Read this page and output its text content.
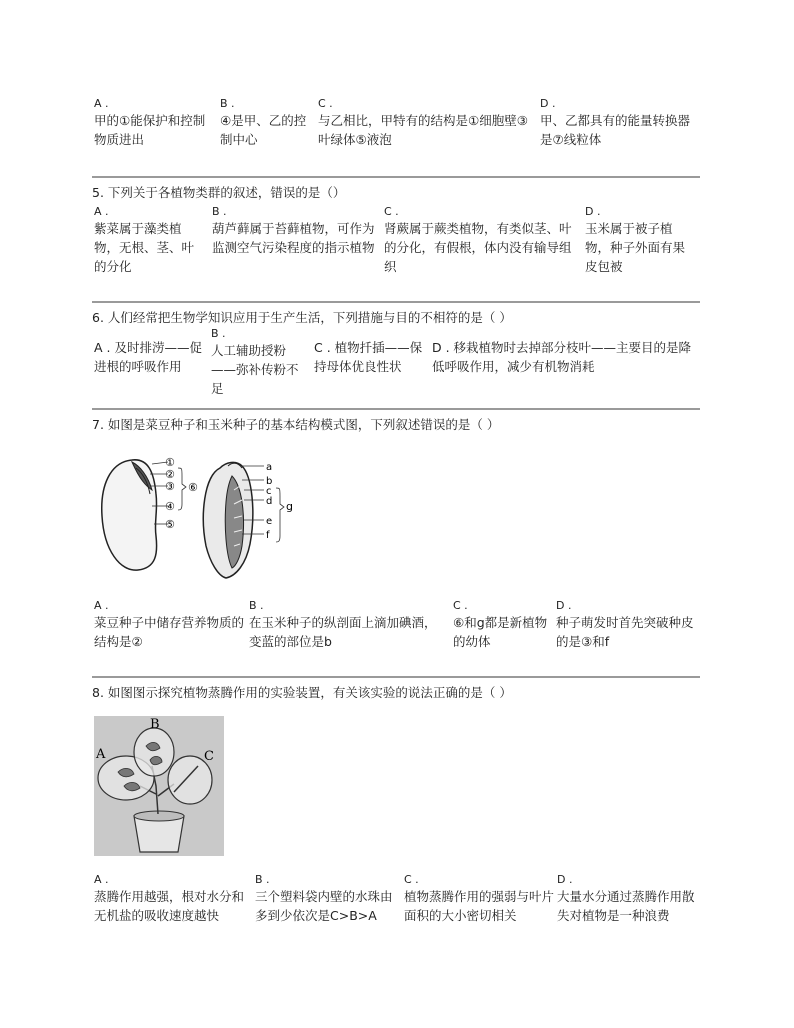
A .
甲的①能保护和控制物质进出
B .
④是甲、乙的控制中心
C .
与乙相比，甲特有的结构是①细胞壁③叶绿体⑤液泡
D .
甲、乙都具有的能量转换器是⑦线粒体
5. 下列关于各植物类群的叙述，错误的是（）
A .
紫菜属于藻类植物，无根、茎、叶的分化
B .
葫芦藓属于苔藓植物，可作为监测空气污染程度的指示植物
C .
肾蕨属于蕨类植物，有类似茎、叶的分化，有假根，体内没有输导组织
D .
玉米属于被子植物，种子外面有果皮包被
6. 人们经常把生物学知识应用于生产生活，下列措施与目的不相符的是（ ）
A . 及时排涝——促进根的呼吸作用
B .
人工辅助授粉——弥补传粉不足
C . 植物扦插——保持母体优良性状
D . 移栽植物时去掉部分枝叶——主要目的是降低呼吸作用，减少有机物消耗
7. 如图是菜豆种子和玉米种子的基本结构模式图，下列叙述错误的是（ ）
①
②
③
④
⑤
⑥
a
b
c
d
e
f
g
A .
菜豆种子中储存营养物质的结构是②
B .
在玉米种子的纵剖面上滴加碘酒，变蓝的部位是b
C .
⑥和g都是新植物的幼体
D .
种子萌发时首先突破种皮的是③和f
8. 如图图示探究植物蒸腾作用的实验装置，有关该实验的说法正确的是（ ）
A
B
C
A .
蒸腾作用越强，根对水分和无机盐的吸收速度越快
B .
三个塑料袋内壁的水珠由多到少依次是C>B>A
C .
植物蒸腾作用的强弱与叶片面积的大小密切相关
D .
大量水分通过蒸腾作用散失对植物是一种浪费
